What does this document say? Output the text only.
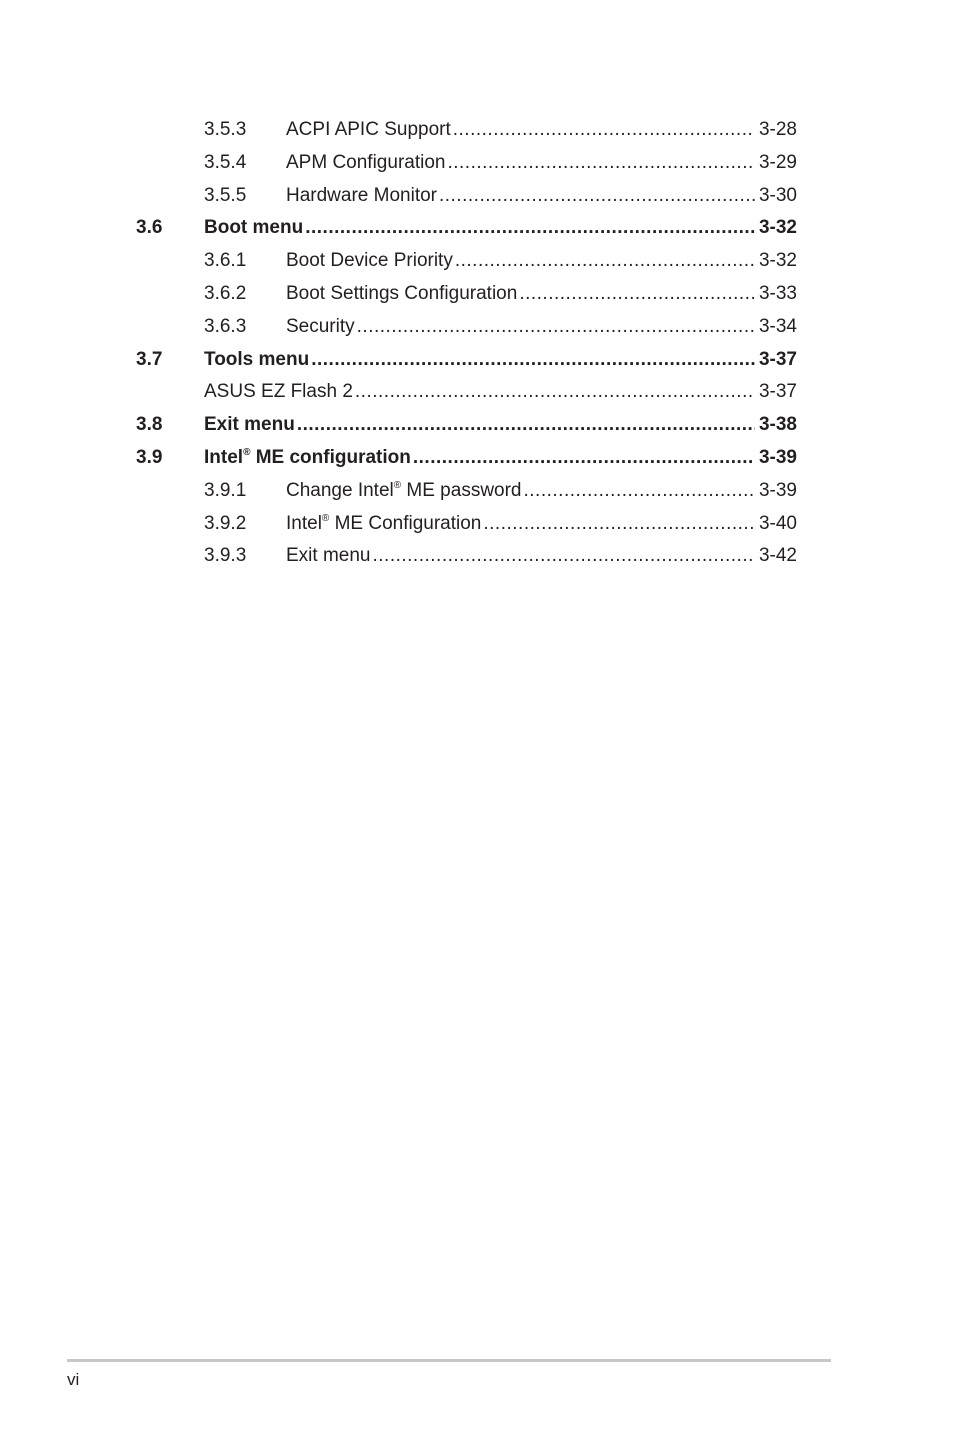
3.5.3 ACPI APIC Support .....	3-28
3.5.4 APM Configuration .....	3-29
3.5.5 Hardware Monitor .....	3-30
3.6 Boot menu .....	3-32
3.6.1 Boot Device Priority .....	3-32
3.6.2 Boot Settings Configuration .....	3-33
3.6.3 Security .....	3-34
3.7 Tools menu .....	3-37
ASUS EZ Flash 2 .....	3-37
3.8 Exit menu .....	3-38
3.9 Intel® ME configuration .....	3-39
3.9.1 Change Intel® ME password .....	3-39
3.9.2 Intel® ME Configuration .....	3-40
3.9.3 Exit menu .....	3-42
vi
